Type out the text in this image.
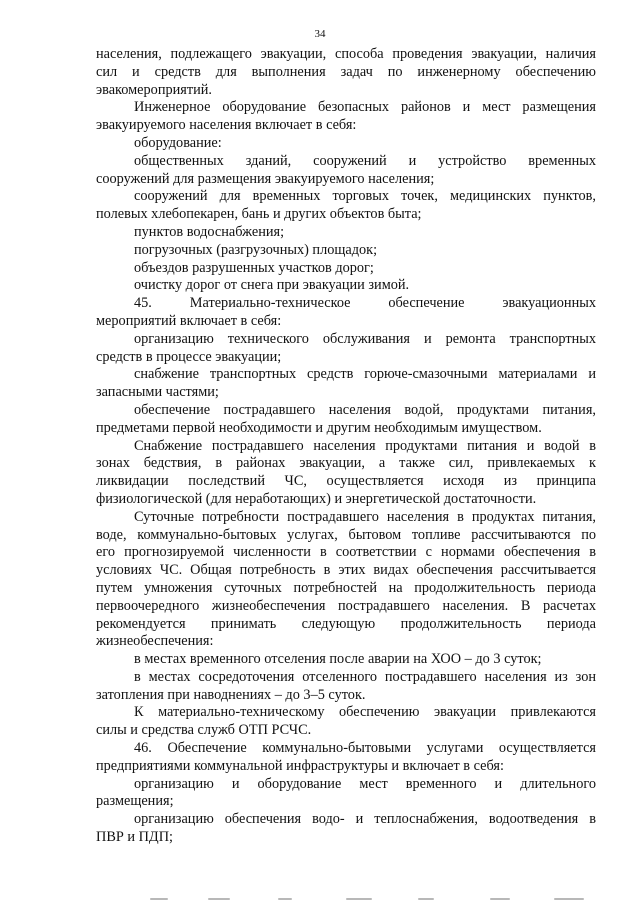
34
населения, подлежащего эвакуации, способа проведения эвакуации, наличия
сил и средств для выполнения задач по инженерному обеспечению
эвакомероприятий.
Инженерное оборудование безопасных районов и мест размещения
эвакуируемого населения включает в себя:
оборудование:
общественных зданий, сооружений и устройство временных
сооружений для размещения эвакуируемого населения;
сооружений для временных торговых точек, медицинских пунктов,
полевых хлебопекарен, бань и других объектов быта;
пунктов водоснабжения;
погрузочных (разгрузочных) площадок;
объездов разрушенных участков дорог;
очистку дорог от снега при эвакуации зимой.
45. Материально-техническое обеспечение эвакуационных
мероприятий включает в себя:
организацию технического обслуживания и ремонта транспортных
средств в процессе эвакуации;
снабжение транспортных средств горюче-смазочными материалами и
запасными частями;
обеспечение пострадавшего населения водой, продуктами питания,
предметами первой необходимости и другим необходимым имуществом.
Снабжение пострадавшего населения продуктами питания и водой в
зонах бедствия, в районах эвакуации, а также сил, привлекаемых к
ликвидации последствий ЧС, осуществляется исходя из принципа
физиологической (для неработающих) и энергетической достаточности.
Суточные потребности пострадавшего населения в продуктах питания,
воде, коммунально-бытовых услугах, бытовом топливе рассчитываются по
его прогнозируемой численности в соответствии с нормами обеспечения в
условиях ЧС. Общая потребность в этих видах обеспечения рассчитывается
путем умножения суточных потребностей на продолжительность периода
первоочередного жизнеобеспечения пострадавшего населения. В расчетах
рекомендуется принимать следующую продолжительность периода
жизнеобеспечения:
в местах временного отселения после аварии на ХОО – до 3 суток;
в местах сосредоточения отселенного пострадавшего населения из зон
затопления при наводнениях – до 3–5 суток.
К материально-техническому обеспечению эвакуации привлекаются
силы и средства служб ОТП РСЧС.
46. Обеспечение коммунально-бытовыми услугами осуществляется
предприятиями коммунальной инфраструктуры и включает в себя:
организацию и оборудование мест временного и длительного
размещения;
организацию обеспечения водо- и теплоснабжения, водоотведения в
ПВР и ПДП;
